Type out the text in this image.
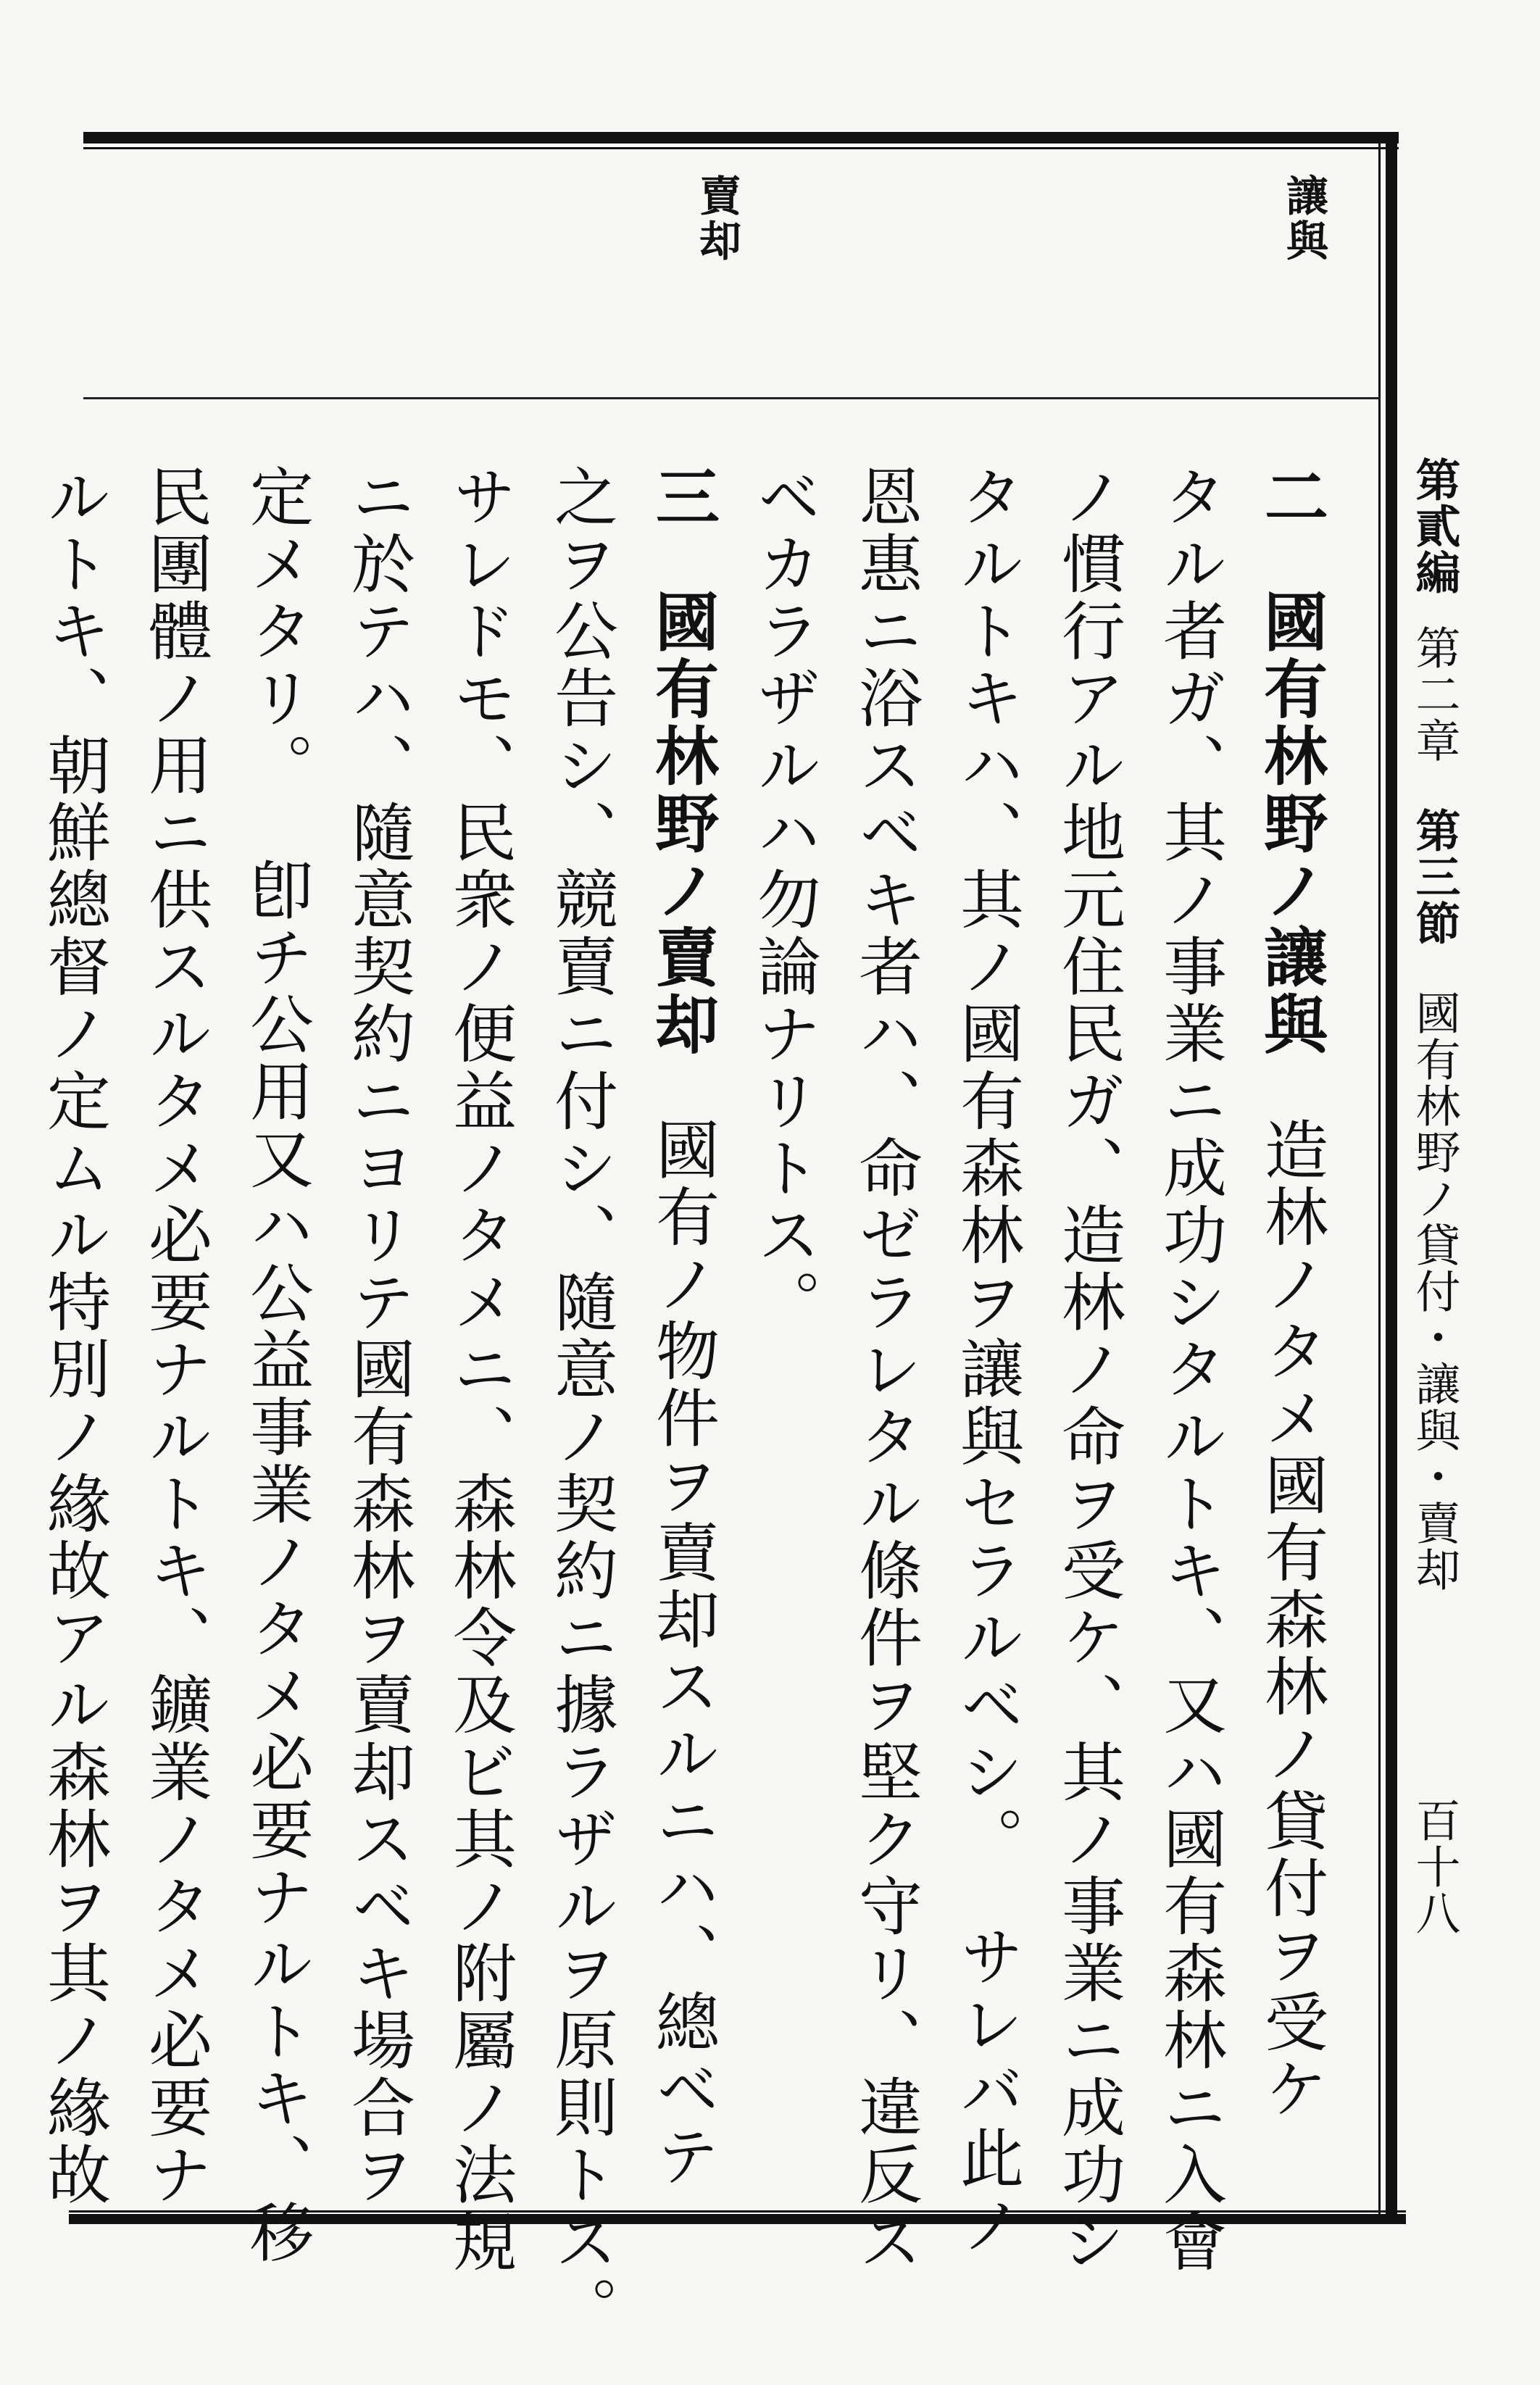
第貳編第二章第三節國有林野ノ貸付・讓與・賣却
百十八
讓與
賣却
二國有林野ノ讓與造林ノタメ國有森林ノ貸付ヲ受ケ
タル者ガ、其ノ事業ニ成功シタルトキ、又ハ國有森林ニ入會
ノ慣行アル地元住民ガ、造林ノ命ヲ受ケ、其ノ事業ニ成功シ
タルトキハ、其ノ國有森林ヲ讓與セラルベシ。サレバ此ノ
恩惠ニ浴スベキ者ハ、命ゼラレタル條件ヲ堅ク守リ、違反ス
ベカラザルハ勿論ナリトス。
三國有林野ノ賣却國有ノ物件ヲ賣却スルニハ、總ベテ
之ヲ公告シ、競賣ニ付シ、隨意ノ契約ニ據ラザルヲ原則トス。
サレドモ、民衆ノ便益ノタメニ、森林令及ビ其ノ附屬ノ法規
ニ於テハ、隨意契約ニヨリテ國有森林ヲ賣却スベキ場合ヲ
定メタリ。卽チ公用又ハ公益事業ノタメ必要ナルトキ、移
民團體ノ用ニ供スルタメ必要ナルトキ、鑛業ノタメ必要ナ
ルトキ、朝鮮總督ノ定ムル特別ノ緣故アル森林ヲ其ノ緣故
